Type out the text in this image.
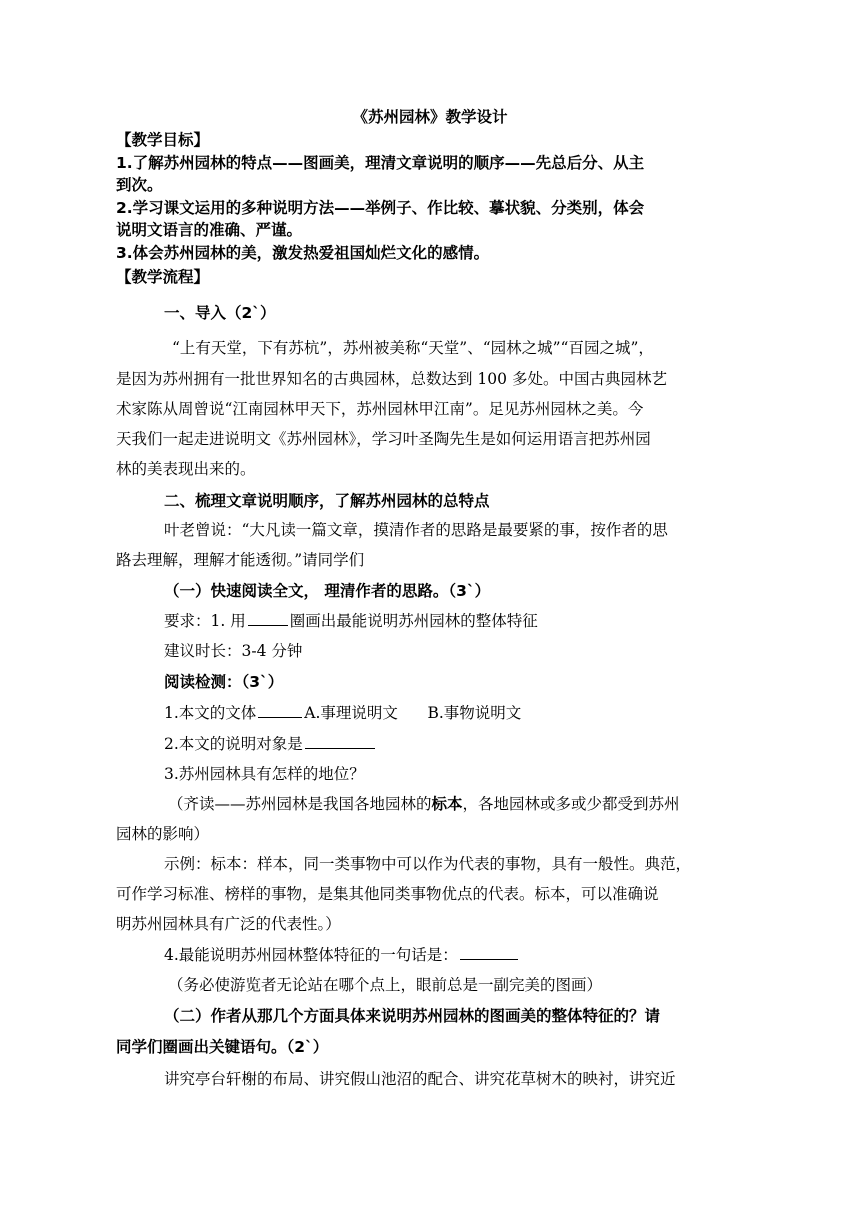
《苏州园林》教学设计
【教学目标】
1.了解苏州园林的特点——图画美，理清文章说明的顺序——先总后分、从主
到次。
2.学习课文运用的多种说明方法——举例子、作比较、摹状貌、分类别，体会
说明文语言的准确、严谨。
3.体会苏州园林的美，激发热爱祖国灿烂文化的感情。
【教学流程】
一、导入（2`）
“上有天堂，下有苏杭”，苏州被美称“天堂”、“园林之城”“百园之城”，
是因为苏州拥有一批世界知名的古典园林，总数达到 100 多处。中国古典园林艺
术家陈从周曾说“江南园林甲天下，苏州园林甲江南”。足见苏州园林之美。今
天我们一起走进说明文《苏州园林》，学习叶圣陶先生是如何运用语言把苏州园
林的美表现出来的。
二、梳理文章说明顺序，了解苏州园林的总特点
叶老曾说：“大凡读一篇文章，摸清作者的思路是最要紧的事，按作者的思
路去理解，理解才能透彻。”请同学们
（一）快速阅读全文， 理清作者的思路。（3`）
要求：1. 用	圈画出最能说明苏州园林的整体特征
建议时长：3-4 分钟
阅读检测：（3`）
1.本文的文体	A.事理说明文      B.事物说明文
2.本文的说明对象是
3.苏州园林具有怎样的地位？
（齐读——苏州园林是我国各地园林的标本，各地园林或多或少都受到苏州
园林的影响）
示例：标本：样本，同一类事物中可以作为代表的事物，具有一般性。典范，
可作学习标准、榜样的事物，是集其他同类事物优点的代表。标本，可以准确说
明苏州园林具有广泛的代表性。）
4.最能说明苏州园林整体特征的一句话是：
（务必使游览者无论站在哪个点上，眼前总是一副完美的图画）
（二）作者从那几个方面具体来说明苏州园林的图画美的整体特征的？请
同学们圈画出关键语句。（2`）
讲究亭台轩榭的布局、讲究假山池沼的配合、讲究花草树木的映衬，讲究近
